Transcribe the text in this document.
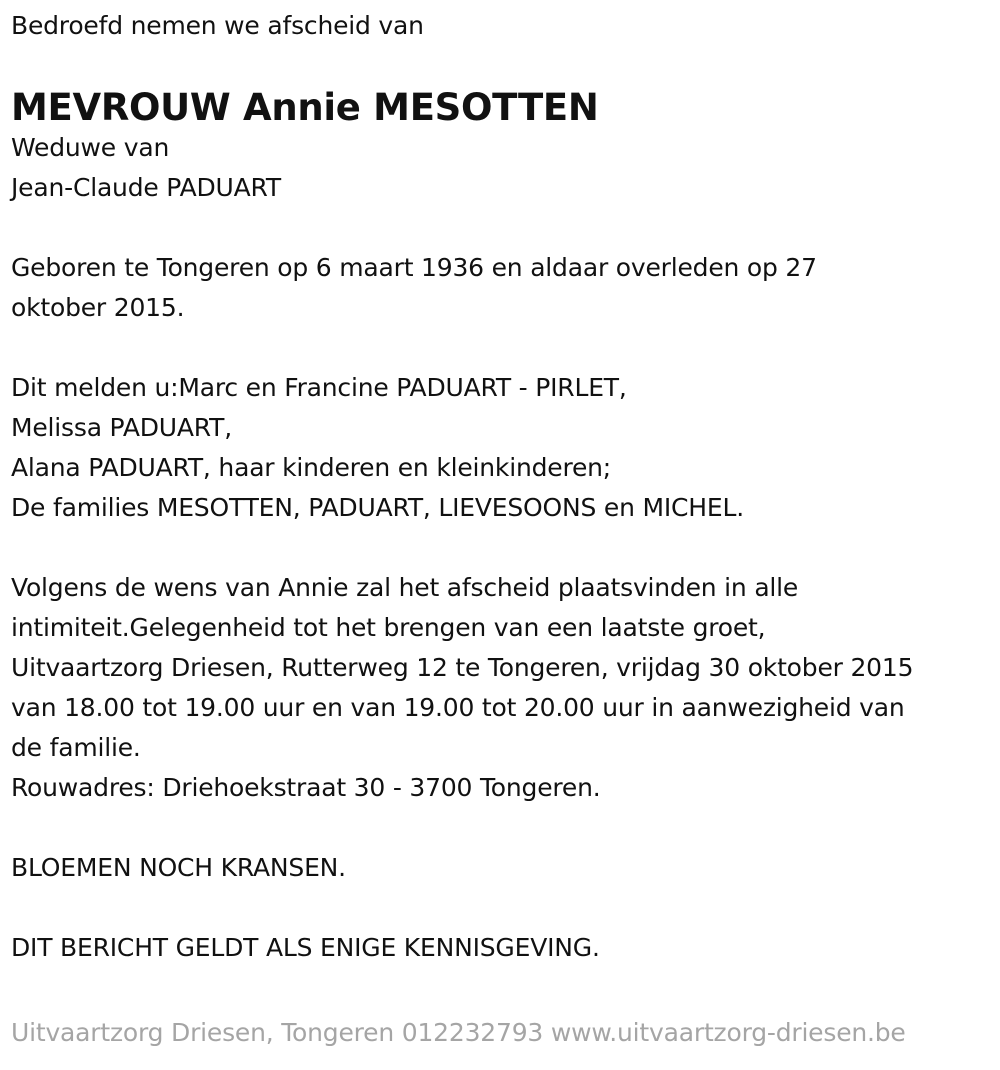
Bedroefd nemen we afscheid van
MEVROUW Annie MESOTTEN
Weduwe van
Jean-Claude PADUART
Geboren te Tongeren op 6 maart 1936 en aldaar overleden op 27
oktober 2015.
Dit melden u:Marc en Francine PADUART - PIRLET,
Melissa PADUART,
Alana PADUART, haar kinderen en kleinkinderen;
De families MESOTTEN, PADUART, LIEVESOONS en MICHEL.
Volgens de wens van Annie zal het afscheid plaatsvinden in alle
intimiteit.Gelegenheid tot het brengen van een laatste groet,
Uitvaartzorg Driesen, Rutterweg 12 te Tongeren, vrijdag 30 oktober 2015
van 18.00 tot 19.00 uur en van 19.00 tot 20.00 uur in aanwezigheid van
de familie.
Rouwadres: Driehoekstraat 30 - 3700 Tongeren.
BLOEMEN NOCH KRANSEN.
DIT BERICHT GELDT ALS ENIGE KENNISGEVING.
Uitvaartzorg Driesen, Tongeren 012232793 www.uitvaartzorg-driesen.be
